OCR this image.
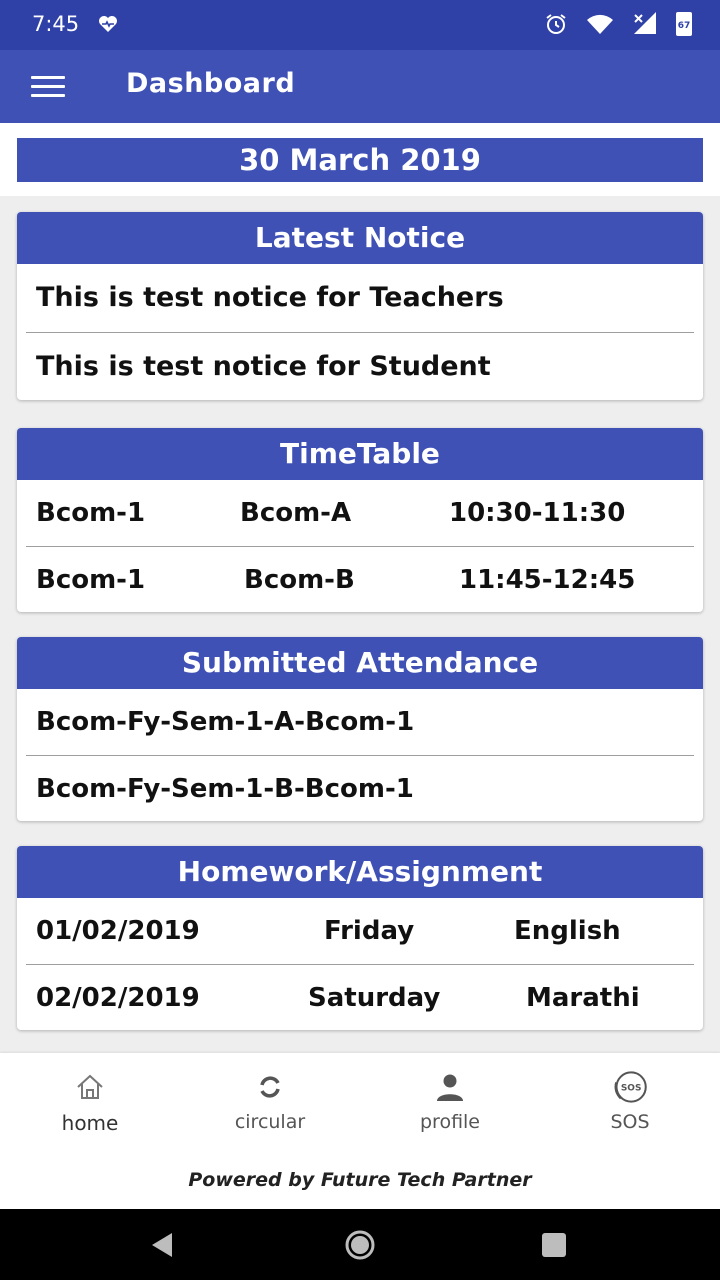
7:45	67
Dashboard
30 March 2019
Latest Notice
This is test notice for Teachers
This is test notice for Student
TimeTable
Bcom-1	Bcom-A	10:30-11:30
Bcom-1	Bcom-B	11:45-12:45
Submitted Attendance
Bcom-Fy-Sem-1-A-Bcom-1
Bcom-Fy-Sem-1-B-Bcom-1
Homework/Assignment
01/02/2019	Friday	English
02/02/2019	Saturday	Marathi
home	circular	profile
SOS
SOS
Powered by Future Tech Partner
